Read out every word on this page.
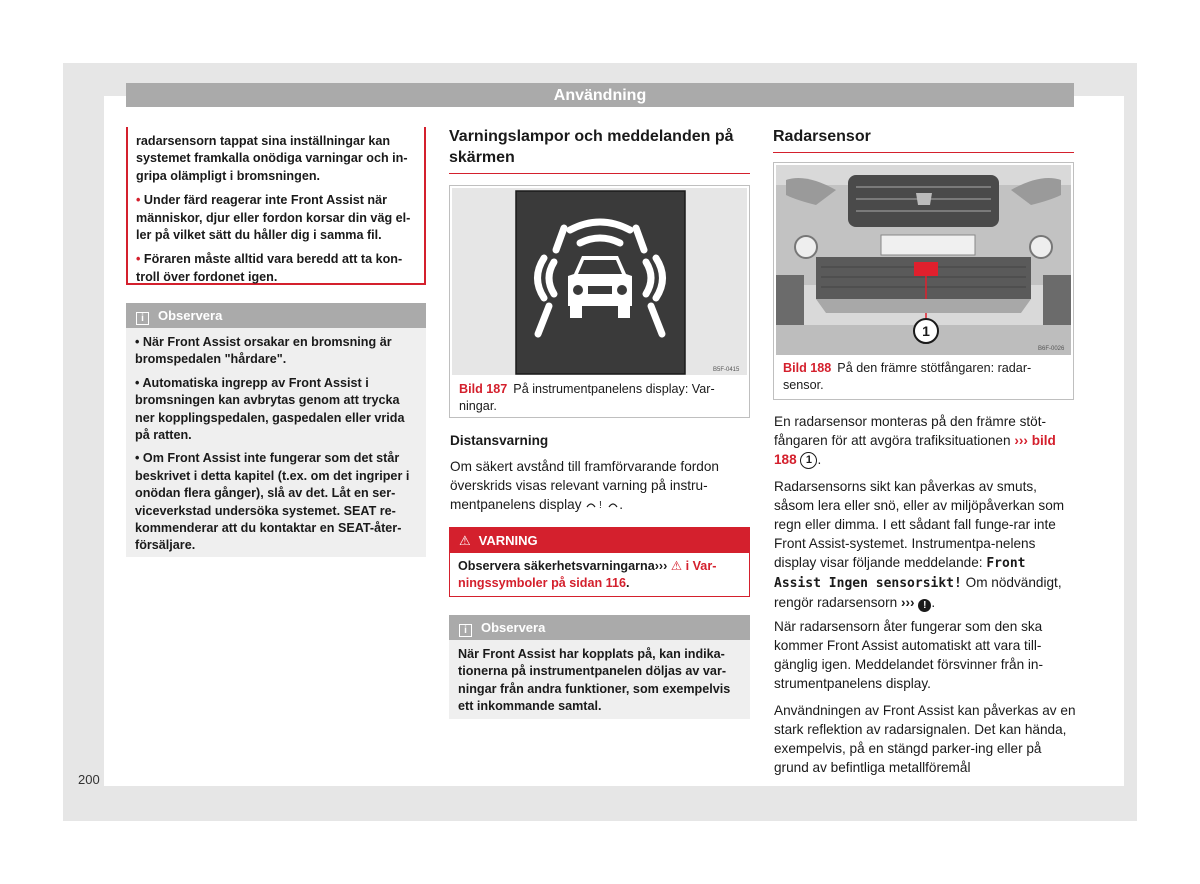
Användning

radarsensorn tappat sina inställningar kan systemet framkalla onödiga varningar och in-gripa olämpligt i bromsningen.

• Under färd reagerar inte Front Assist när människor, djur eller fordon korsar din väg el-ler på vilket sätt du håller dig i samma fil.

• Föraren måste alltid vara beredd att ta kon-troll över fordonet igen.

i Observera

• När Front Assist orsakar en bromsning är bromspedalen "hårdare".

• Automatiska ingrepp av Front Assist i bromsningen kan avbrytas genom att trycka ner kopplingspedalen, gaspedalen eller vrida på ratten.

• Om Front Assist inte fungerar som det står beskrivet i detta kapitel (t.ex. om det ingriper i onödan flera gånger), slå av det. Låt en ser-viceverkstad undersöka systemet. SEAT re-kommenderar att du kontaktar en SEAT-åter-försäljare.

Varningslampor och meddelanden på skärmen
B5F-0415
Bild 187 På instrumentpanelens display: Var-ningar.
Distansvarning
Om säkert avstånd till framförvarande fordon överskrids visas relevant varning på instru-mentpanelens display ! .
⚠ VARNING
Observera säkerhetsvarningarna››› ⚠ i Var-ningssymboler på sidan 116.
i Observera
När Front Assist har kopplats på, kan indika-tionerna på instrumentpanelen döljas av var-ningar från andra funktioner, som exempelvis ett inkommande samtal.
Radarsensor
1
B6F-0026
Bild 188 På den främre stötfångaren: radar-sensor.
En radarsensor monteras på den främre stöt-fångaren för att avgöra trafiksituationen ››› bild 188 1 .
Radarsensorns sikt kan påverkas av smuts, såsom lera eller snö, eller av miljöpåverkan som regn eller dimma. I ett sådant fall funge-rar inte Front Assist-systemet. Instrumentpa-nelens display visar följande meddelande: Front Assist Ingen sensorsikt! Om nödvändigt, rengör radarsensorn ››› ! .
När radarsensorn åter fungerar som den ska kommer Front Assist automatiskt att vara till-gänglig igen. Meddelandet försvinner från in-strumentpanelens display.
Användningen av Front Assist kan påverkas av en stark reflektion av radarsignalen. Det kan hända, exempelvis, på en stängd parker-ing eller på grund av befintliga metallföremål
200
